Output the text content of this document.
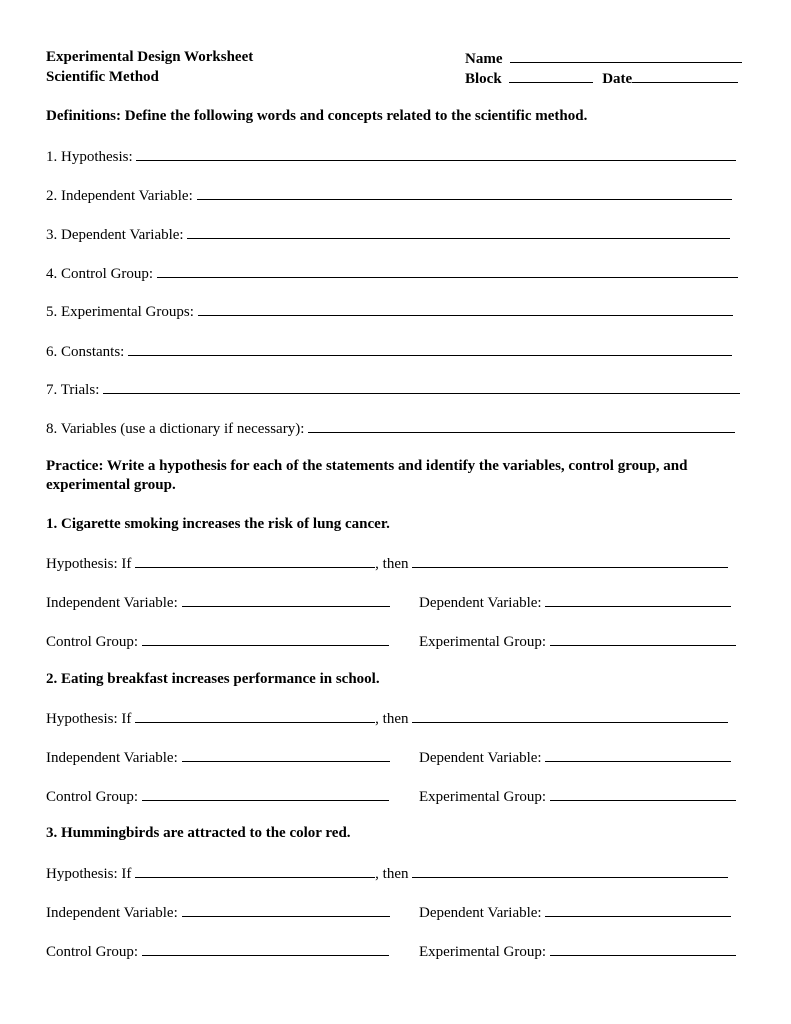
Experimental Design Worksheet
Scientific Method
Name
Block	Date
Definitions: Define the following words and concepts related to the scientific method.
1. Hypothesis:
2. Independent Variable:
3. Dependent Variable:
4. Control Group:
5. Experimental Groups:
6. Constants:
7. Trials:
8. Variables (use a dictionary if necessary):
Practice: Write a hypothesis for each of the statements and identify the variables, control group, and
experimental group.
1. Cigarette smoking increases the risk of lung cancer.
Hypothesis: If	, then
Independent Variable:	Dependent Variable:
Control Group:	Experimental Group:
2. Eating breakfast increases performance in school.
Hypothesis: If	, then
Independent Variable:	Dependent Variable:
Control Group:	Experimental Group:
3. Hummingbirds are attracted to the color red.
Hypothesis: If	, then
Independent Variable:	Dependent Variable:
Control Group:	Experimental Group:
